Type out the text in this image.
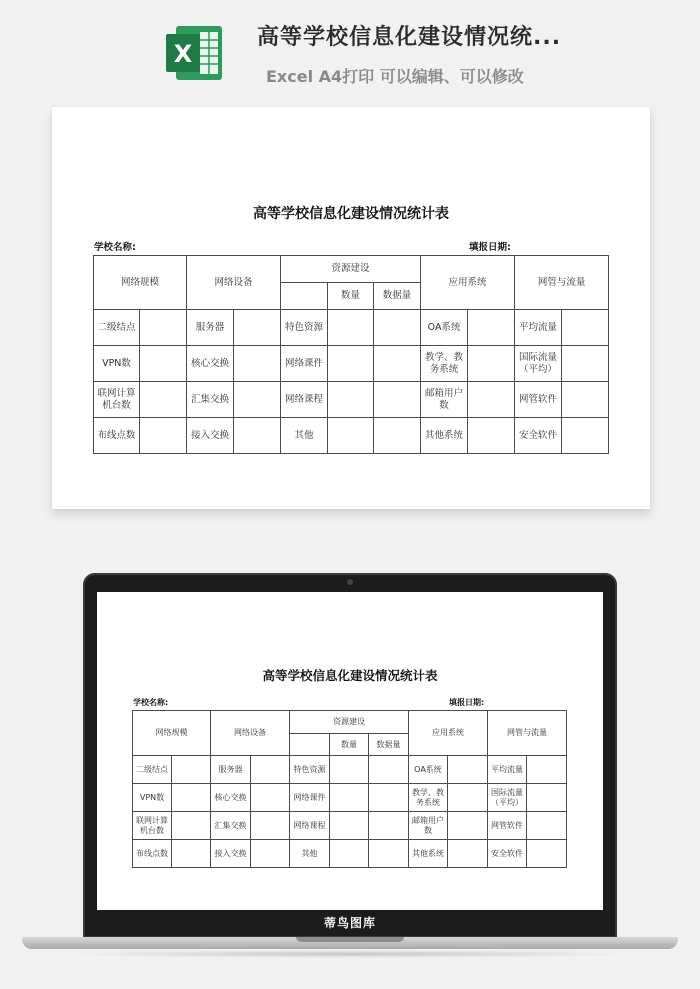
X
高等学校信息化建设情况统...
Excel A4打印 可以编辑、可以修改
高等学校信息化建设情况统计表
学校名称:	填报日期:
网络规模		网络设备		资源建设			应用系统		网管与流量	
					数量	数据量				
二级结点		服务器		特色资源			OA系统		平均流量	
VPN数		核心交换		网络课件			教学、教务系统		国际流量（平均）	
联网计算机台数		汇集交换		网络课程			邮箱用户数		网管软件	
布线点数		接入交换		其他			其他系统		安全软件	
高等学校信息化建设情况统计表
学校名称:	填报日期:
网络规模		网络设备		资源建设			应用系统		网管与流量	
					数量	数据量				
二级结点		服务器		特色资源			OA系统		平均流量	
VPN数		核心交换		网络课件			教学、教务系统		国际流量（平均）	
联网计算机台数		汇集交换		网络课程			邮箱用户数		网管软件	
布线点数		接入交换		其他			其他系统		安全软件	
蒂鸟图库
